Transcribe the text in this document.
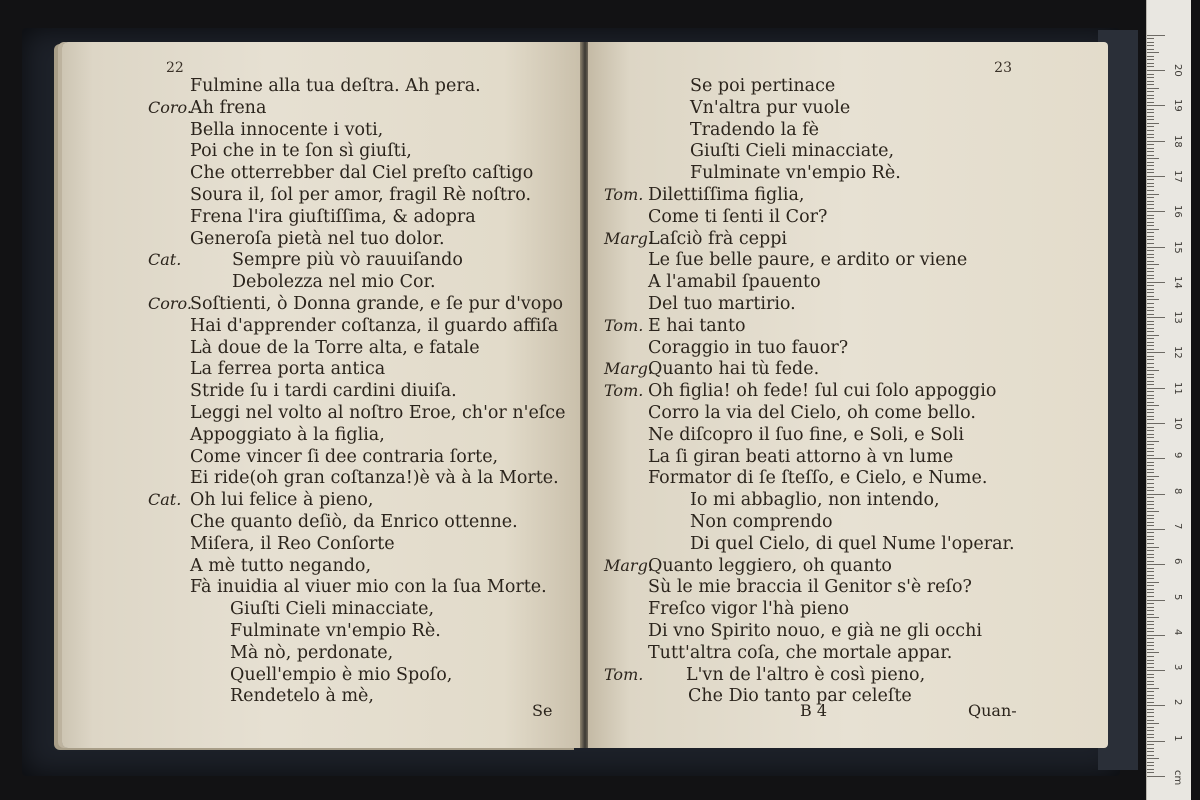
22
Fulmine alla tua deſtra. Ah pera.
Coro.
Ah frena
Bella innocente i voti,
Poi che in te ſon sì giuſti,
Che otterrebber dal Ciel preſto caſtigo
Soura il, ſol per amor, fragil Rè noſtro.
Frena l'ira giuſtiſſima, & adopra
Generoſa pietà nel tuo dolor.
Cat.	Sempre più vò rauuiſando
Debolezza nel mio Cor.
Coro.
Soſtienti, ò Donna grande, e ſe pur d'vopo
Hai d'apprender coſtanza, il guardo affiſa
Là doue de la Torre alta, e fatale
La ferrea porta antica
Stride ſu i tardi cardini diuiſa.
Leggi nel volto al noſtro Eroe, ch'or n'eſce
Appoggiato à la figlia,
Come vincer ſi dee contraria ſorte,
Ei ride(oh gran coſtanza!)è và à la Morte.
Cat. Oh lui felice à pieno,
Che quanto deſiò, da Enrico ottenne.
Miſera, il Reo Conſorte
A mè tutto negando,
Fà inuidia al viuer mio con la ſua Morte.
Giuſti Cieli minacciate,
Fulminate vn'empio Rè.
Mà nò, perdonate,
Quell'empio è mio Spoſo,
Rendetelo à mè,
Se
23
Se poi pertinace
Vn'altra pur vuole
Tradendo la fè
Giuſti Cieli minacciate,
Fulminate vn'empio Rè.
Tom. Dilettiſſima figlia,
Come ti ſenti il Cor?
Marg.
Laſciò frà ceppi
Le ſue belle paure, e ardito or viene
A l'amabil ſpauento
Del tuo martirio.
Tom. E hai tanto
Coraggio in tuo fauor?
Marg.
Quanto hai tù fede.
Tom. Oh figlia! oh fede! ſul cui ſolo appoggio
Corro la via del Cielo, oh come bello.
Ne diſcopro il ſuo fine, e Soli, e Soli
La ſi giran beati attorno à vn lume
Formator di ſe ſteſſo, e Cielo, e Nume.
Io mi abbaglio, non intendo,
Non comprendo
Di quel Cielo, di quel Nume l'operar.
Marg.
Quanto leggiero, oh quanto
Sù le mie braccia il Genitor s'è reſo?
Freſco vigor l'hà pieno
Di vno Spirito nouo, e già ne gli occhi
Tutt'altra coſa, che mortale appar.
Tom. L'vn de l'altro è così pieno,
Che Dio tanto par celeſte
B 4	Quan-
cm
1
2
3
4
5
6
7
8
9
10
11
12
13
14
15
16
17
18
19
20
